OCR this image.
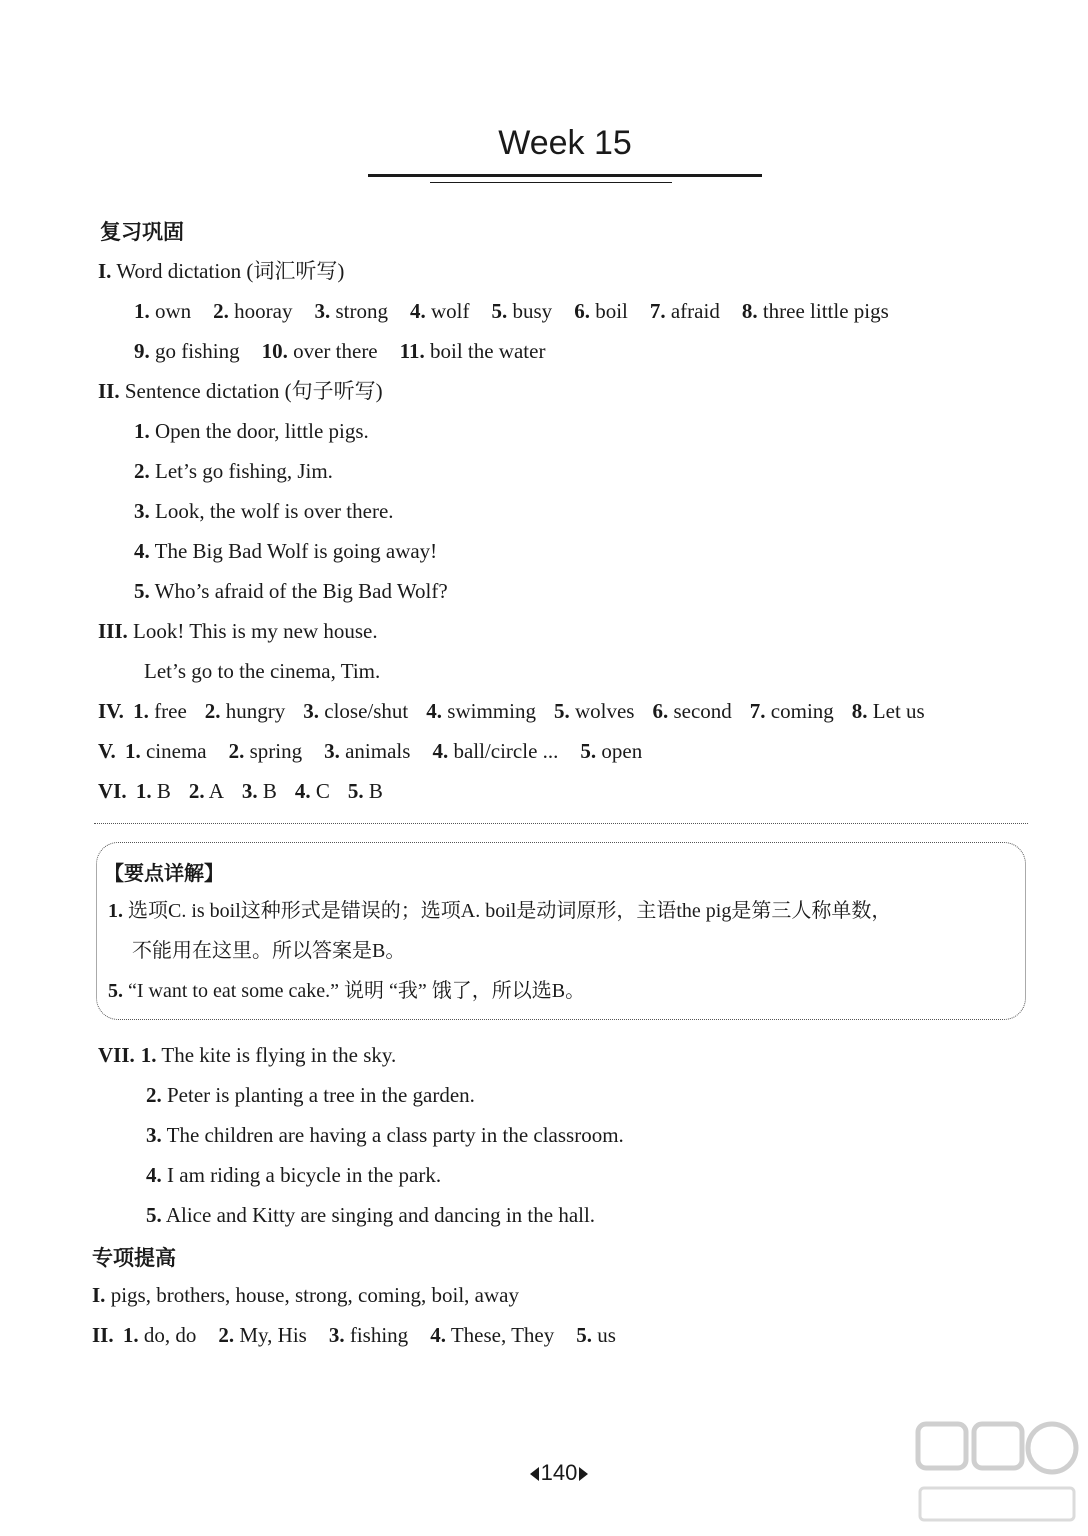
Week 15
复习巩固
I. Word dictation (词汇听写)
1. own 2. hooray 3. strong 4. wolf 5. busy 6. boil 7. afraid 8. three little pigs
9. go fishing 10. over there 11. boil the water
II. Sentence dictation (句子听写)
1. Open the door, little pigs.
2. Let’s go fishing, Jim.
3. Look, the wolf is over there.
4. The Big Bad Wolf is going away!
5. Who’s afraid of the Big Bad Wolf?
III. Look! This is my new house.
Let’s go to the cinema, Tim.
IV. 1. free 2. hungry 3. close/shut 4. swimming 5. wolves 6. second 7. coming 8. Let us
V. 1. cinema 2. spring 3. animals 4. ball/circle ... 5. open
VI. 1. B 2. A 3. B 4. C 5. B
【要点详解】
1. 选项C. is boil这种形式是错误的；选项A. boil是动词原形，主语the pig是第三人称单数，
不能用在这里。所以答案是B。
5. “I want to eat some cake.” 说明 “我” 饿了，所以选B。
VII. 1. The kite is flying in the sky.
2. Peter is planting a tree in the garden.
3. The children are having a class party in the classroom.
4. I am riding a bicycle in the park.
5. Alice and Kitty are singing and dancing in the hall.
专项提高
I. pigs, brothers, house, strong, coming, boil, away
II. 1. do, do 2. My, His 3. fishing 4. These, They 5. us
140
